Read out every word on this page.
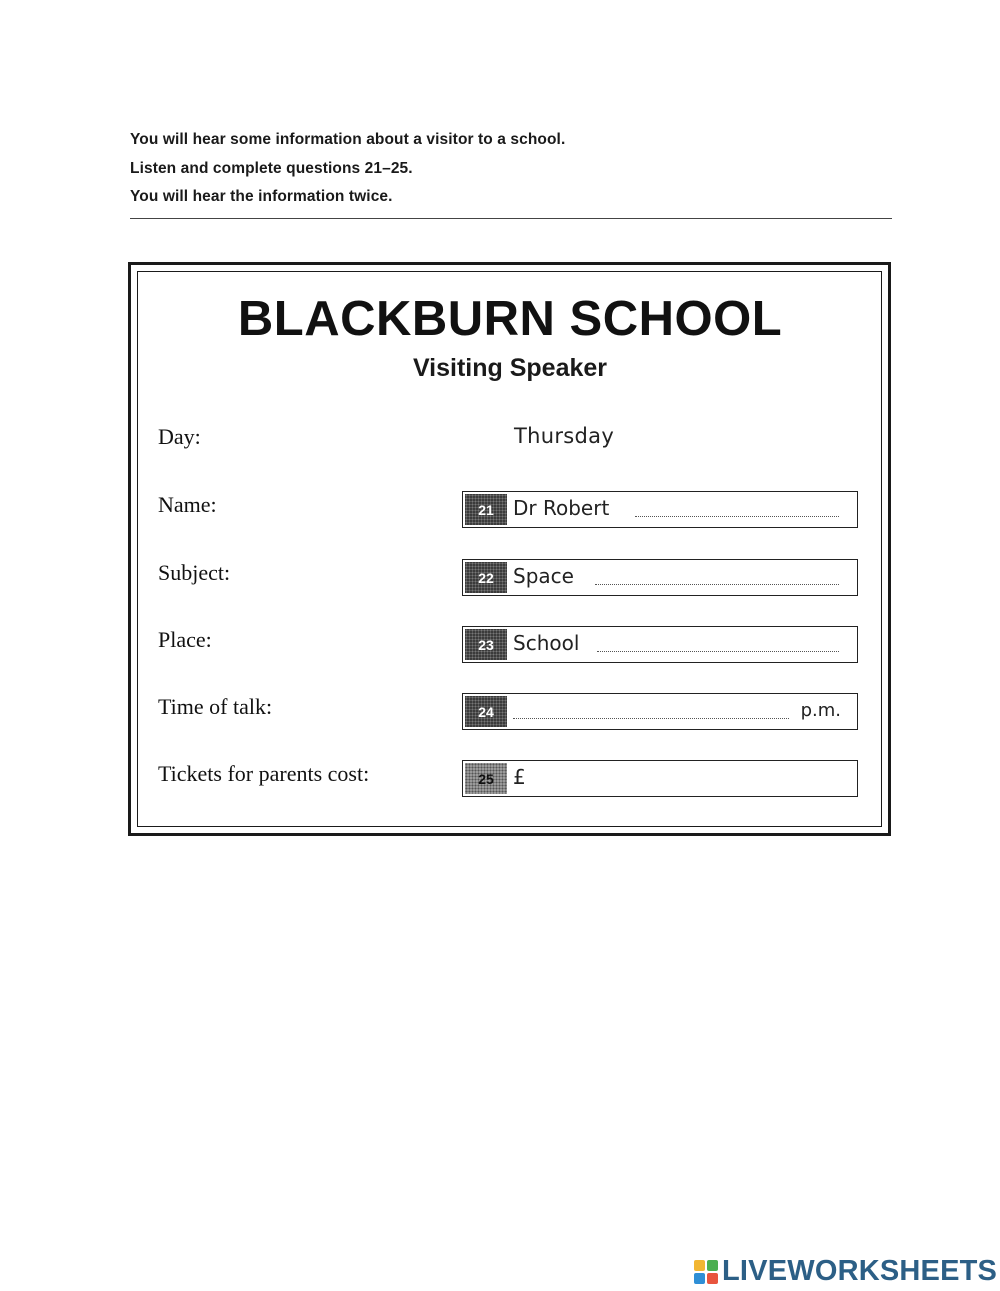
You will hear some information about a visitor to a school.

Listen and complete questions 21–25.

You will hear the information twice.

BLACKBURN SCHOOL
Visiting Speaker
Day:	Thursday
Name:	21 Dr Robert
Subject:	22 Space
Place:	23 School
Time of talk:	24	p.m.
Tickets for parents cost:	25 £
LIVEWORKSHEETS
